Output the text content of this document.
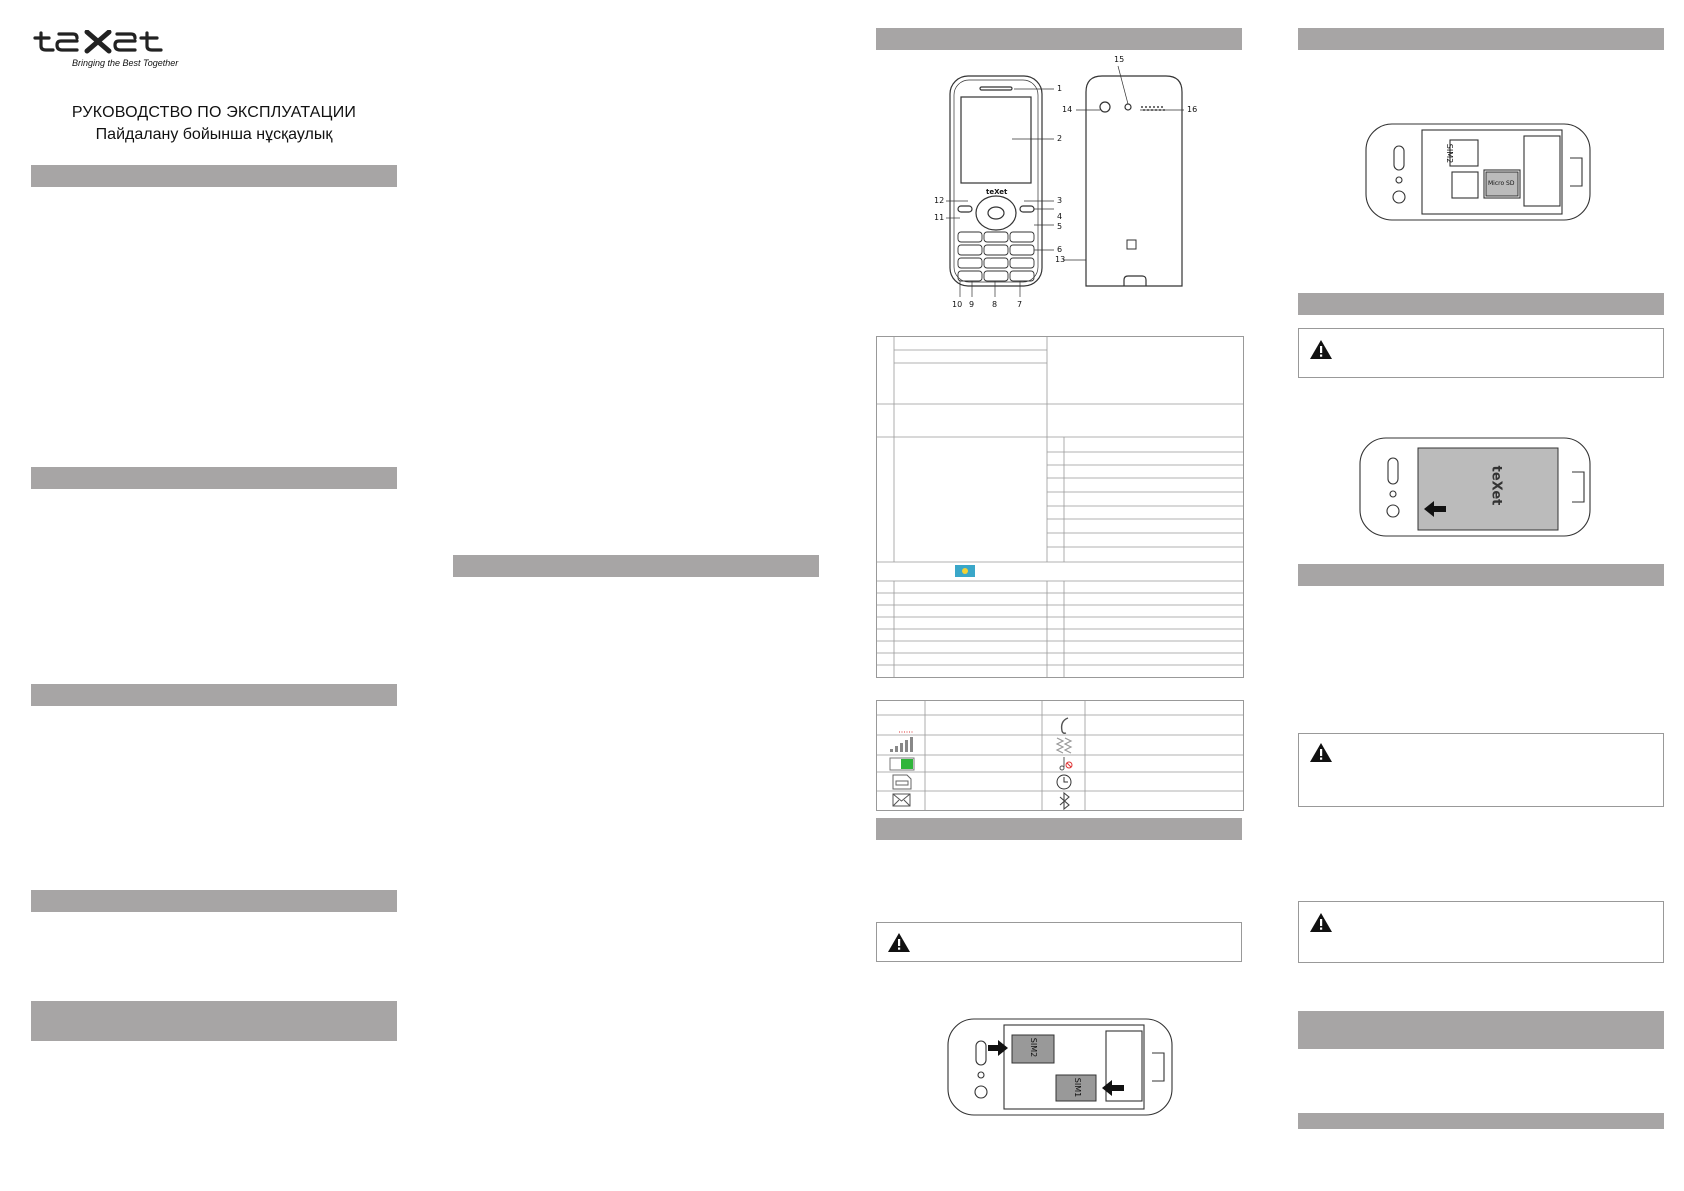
Bringing the Best Together
РУКОВОДСТВО ПО ЭКСПЛУАТАЦИИ
Пайдалану бойынша нұсқаулық
teXet
1
2
3
4
5
6
7
8
9
10
11
12
13
14
15
16
SIM2
SIM1
SIM2
Micro SD
teXet
